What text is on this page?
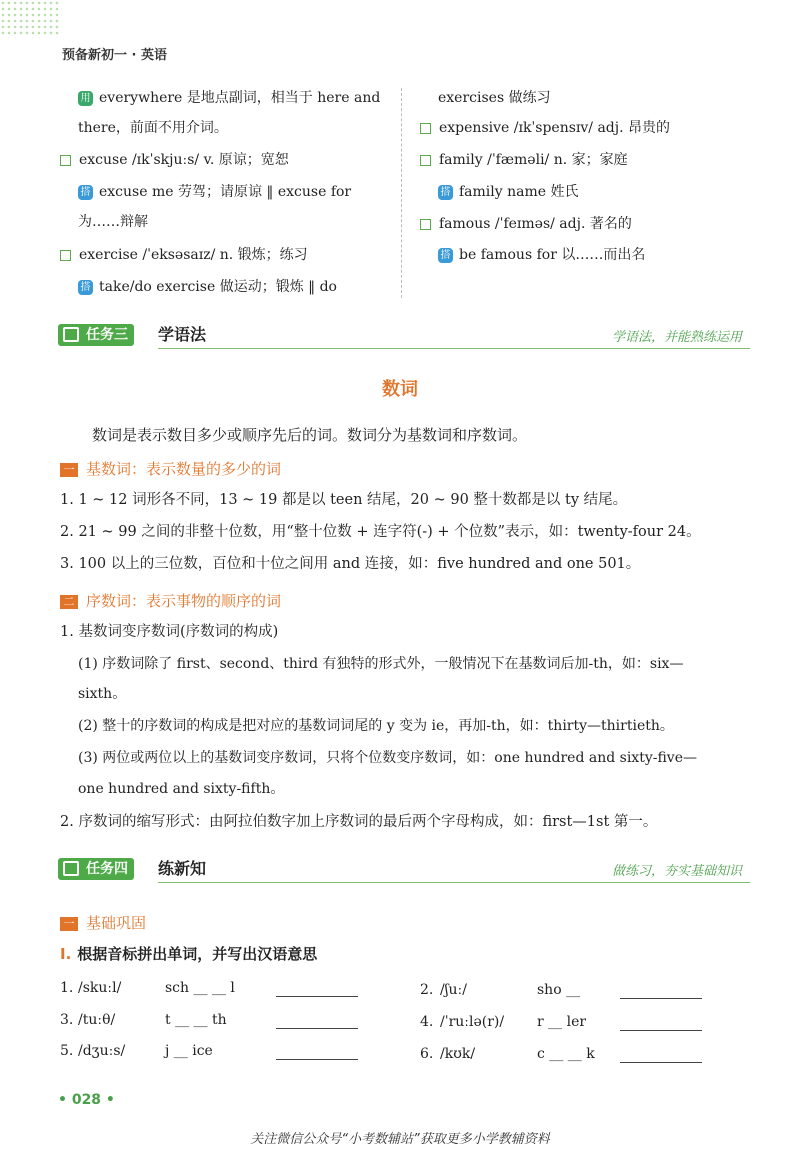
预备新初一 · 英语
用 everywhere 是地点副词，相当于 here and
there，前面不用介词。
excuse /ɪkˈskjuːs/ v. 原谅；宽恕
搭 excuse me 劳驾；请原谅 ‖ excuse for
为……辩解
exercise /ˈeksəsaɪz/ n. 锻炼；练习
搭 take/do exercise 做运动；锻炼 ‖ do
exercises 做练习
expensive /ɪkˈspensɪv/ adj. 昂贵的
family /ˈfæməli/ n. 家；家庭
搭 family name 姓氏
famous /ˈfeɪməs/ adj. 著名的
搭 be famous for 以……而出名
任务三	学语法	学语法，并能熟练运用
数词
数词是表示数目多少或顺序先后的词。数词分为基数词和序数词。
一 基数词：表示数量的多少的词
1. 1 ~ 12 词形各不同，13 ~ 19 都是以 teen 结尾，20 ~ 90 整十数都是以 ty 结尾。
2. 21 ~ 99 之间的非整十位数，用“整十位数 + 连字符(-) + 个位数”表示，如：twenty-four 24。
3. 100 以上的三位数，百位和十位之间用 and 连接，如：five hundred and one 501。
二 序数词：表示事物的顺序的词
1. 基数词变序数词(序数词的构成)
(1) 序数词除了 first、second、third 有独特的形式外，一般情况下在基数词后加-th，如：six—
sixth。
(2) 整十的序数词的构成是把对应的基数词词尾的 y 变为 ie，再加-th，如：thirty—thirtieth。
(3) 两位或两位以上的基数词变序数词，只将个位数变序数词，如：one hundred and sixty-five—
one hundred and sixty-fifth。
2. 序数词的缩写形式：由阿拉伯数字加上序数词的最后两个字母构成，如：first—1st 第一。
任务四	练新知	做练习，夯实基础知识
一 基础巩固
I. 根据音标拼出单词，并写出汉语意思
1. /skuːl/	sch __ __ l	2. /ʃuː/	sho __
3. /tuːθ/	t __ __ th	4. /ˈruːlə(r)/ r __ ler
5. /dʒuːs/	j __ ice	6. /kʊk/	c __ __ k
• 028 •
关注微信公众号“小考数辅站”获取更多小学教辅资料
